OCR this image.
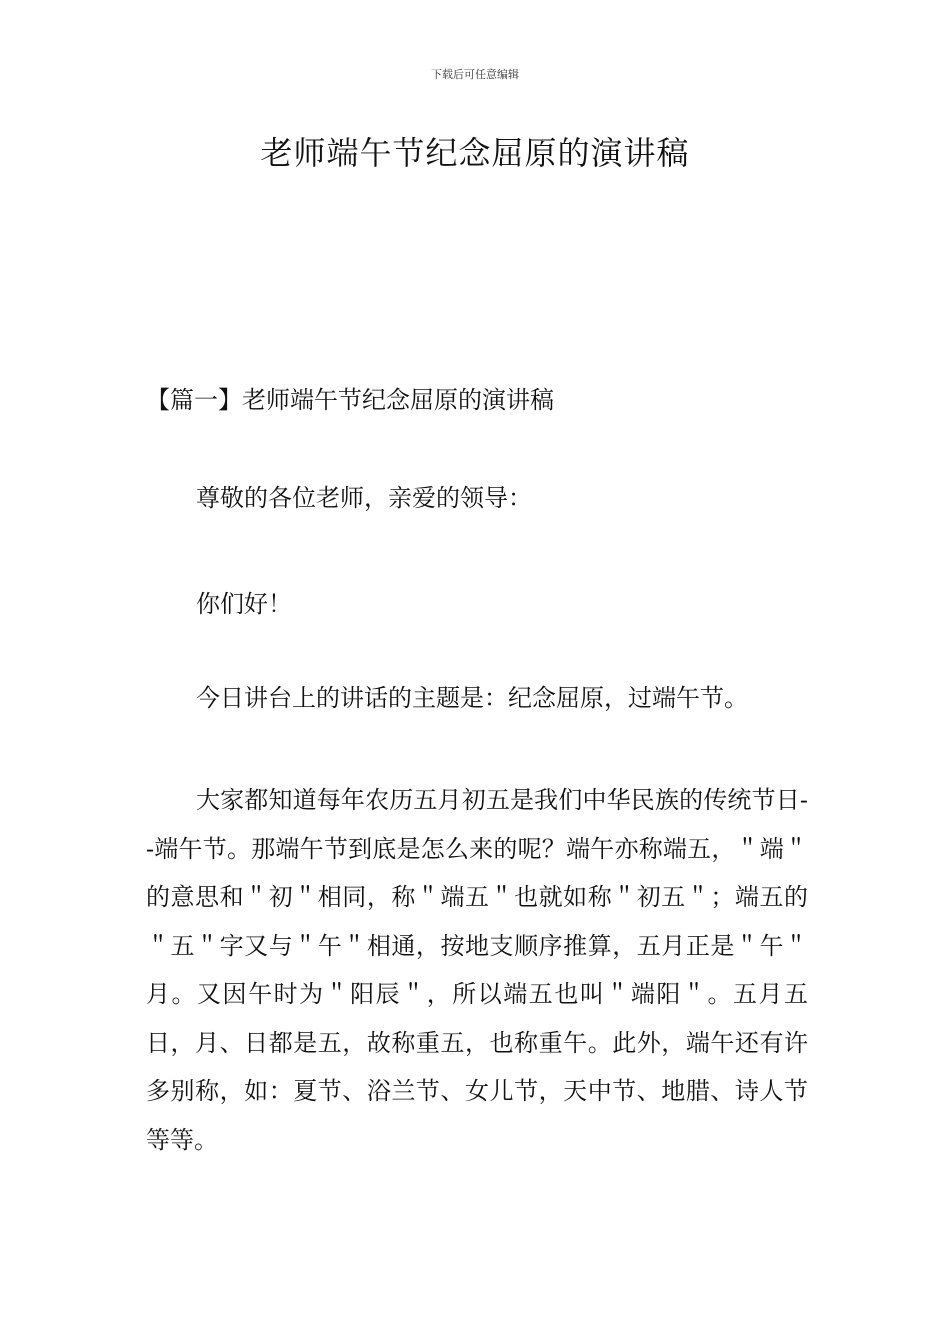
下载后可任意编辑
老师端午节纪念屈原的演讲稿
【篇一】老师端午节纪念屈原的演讲稿

尊敬的各位老师，亲爱的领导：

你们好！

今日讲台上的讲话的主题是：纪念屈原，过端午节。

大家都知道每年农历五月初五是我们中华民族的传统节日--端午节。那端午节到底是怎么来的呢？端午亦称端五，＂端＂的意思和＂初＂相同，称＂端五＂也就如称＂初五＂；端五的＂五＂字又与＂午＂相通，按地支顺序推算，五月正是＂午＂月。又因午时为＂阳辰＂，所以端五也叫＂端阳＂。五月五日，月、日都是五，故称重五，也称重午。此外，端午还有许多别称，如：夏节、浴兰节、女儿节，天中节、地腊、诗人节等等。
